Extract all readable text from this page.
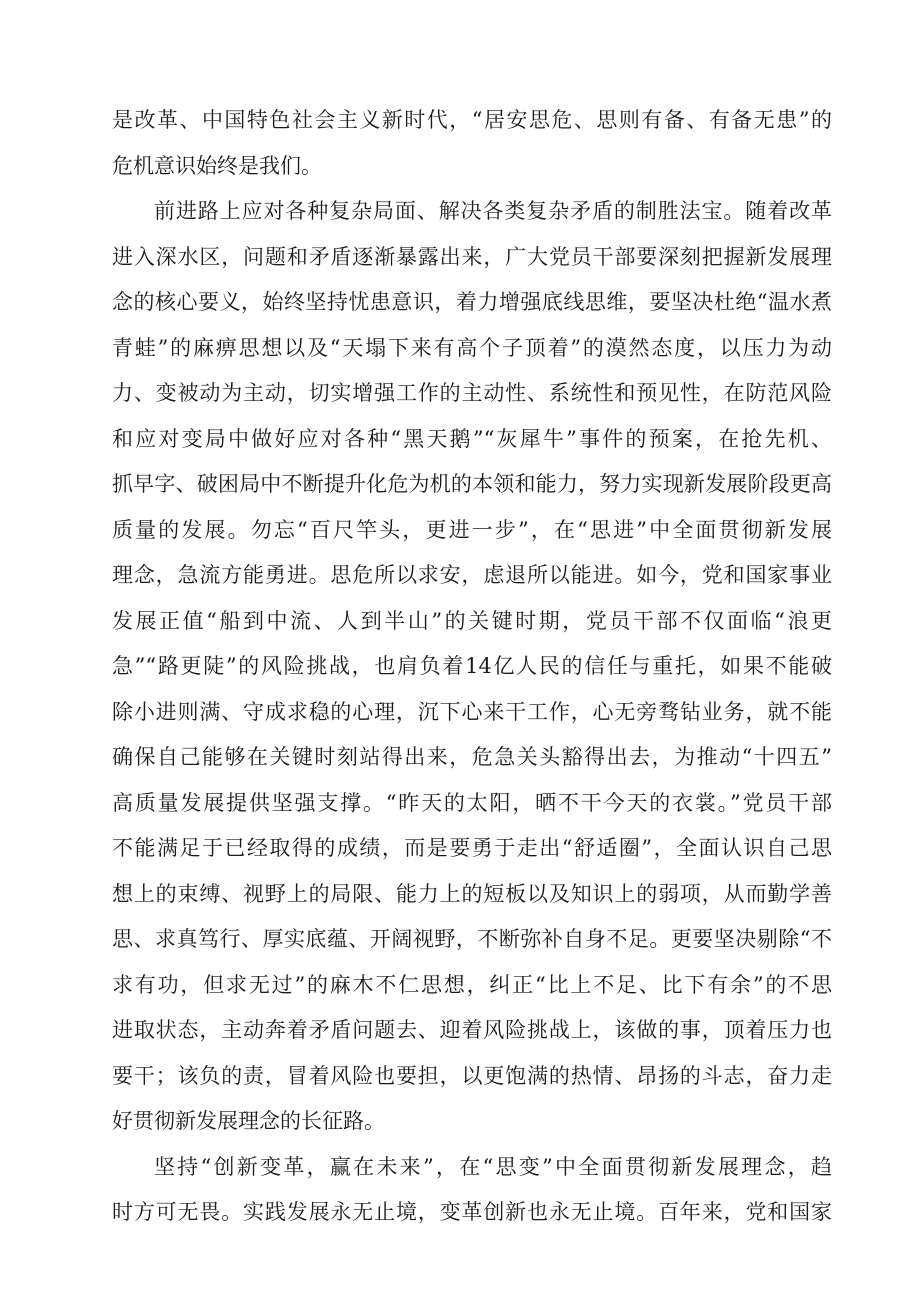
是改革、中国特色社会主义新时代，“居安思危、思则有备、有备无患”的
危机意识始终是我们。
前进路上应对各种复杂局面、解决各类复杂矛盾的制胜法宝。随着改革
进入深水区，问题和矛盾逐渐暴露出来，广大党员干部要深刻把握新发展理
念的核心要义，始终坚持忧患意识，着力增强底线思维，要坚决杜绝“温水煮
青蛙”的麻痹思想以及“天塌下来有高个子顶着”的漠然态度，以压力为动
力、变被动为主动，切实增强工作的主动性、系统性和预见性，在防范风险
和应对变局中做好应对各种“黑天鹅”“灰犀牛”事件的预案，在抢先机、
抓早字、破困局中不断提升化危为机的本领和能力，努力实现新发展阶段更高
质量的发展。勿忘“百尺竿头，更进一步”，在“思进”中全面贯彻新发展
理念，急流方能勇进。思危所以求安，虑退所以能进。如今，党和国家事业
发展正值“船到中流、人到半山”的关键时期，党员干部不仅面临“浪更
急”“路更陡”的风险挑战，也肩负着14亿人民的信任与重托，如果不能破
除小进则满、守成求稳的心理，沉下心来干工作，心无旁骛钻业务，就不能
确保自己能够在关键时刻站得出来，危急关头豁得出去，为推动“十四五”
高质量发展提供坚强支撑。“昨天的太阳，晒不干今天的衣裳。”党员干部
不能满足于已经取得的成绩，而是要勇于走出“舒适圈”，全面认识自己思
想上的束缚、视野上的局限、能力上的短板以及知识上的弱项，从而勤学善
思、求真笃行、厚实底蕴、开阔视野，不断弥补自身不足。更要坚决剔除“不
求有功，但求无过”的麻木不仁思想，纠正“比上不足、比下有余”的不思
进取状态，主动奔着矛盾问题去、迎着风险挑战上，该做的事，顶着压力也
要干；该负的责，冒着风险也要担，以更饱满的热情、昂扬的斗志，奋力走
好贯彻新发展理念的长征路。
坚持“创新变革，赢在未来”，在“思变”中全面贯彻新发展理念，趋
时方可无畏。实践发展永无止境，变革创新也永无止境。百年来，党和国家
